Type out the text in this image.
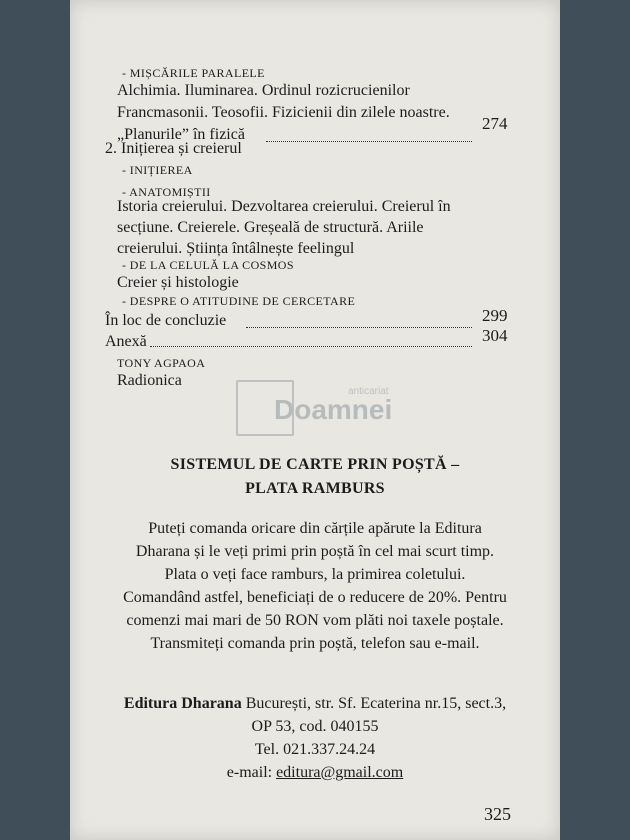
- MIȘCĂRILE PARALELE
Alchimia. Iluminarea. Ordinul rozicrucienilor
Francmasonii. Teosofii. Fizicienii din zilele noastre.
„Planurile” în fizică
274
2. Inițierea și creierul
- INIȚIEREA
- ANATOMIȘTII
Istoria creierului. Dezvoltarea creierului. Creierul în
secțiune. Creierele. Greșeală de structură. Ariile
creierului. Știința întâlnește feelingul
- DE LA CELULĂ LA COSMOS
Creier și histologie
- DESPRE O ATITUDINE DE CERCETARE
În loc de concluzie	299
Anexă	304
TONY AGPAOA
Radionica
Doamnei
anticariat
SISTEMUL DE CARTE PRIN POȘTĂ –
PLATA RAMBURS
Puteți comanda oricare din cărțile apărute la Editura
Dharana și le veți primi prin poștă în cel mai scurt timp.
Plata o veți face ramburs, la primirea coletului.
Comandând astfel, beneficiați de o reducere de 20%. Pentru
comenzi mai mari de 50 RON vom plăti noi taxele poștale.
Transmiteți comanda prin poștă, telefon sau e-mail.
Editura Dharana București, str. Sf. Ecaterina nr.15, sect.3,
OP 53, cod. 040155
Tel. 021.337.24.24
e-mail: editura@gmail.com
325
